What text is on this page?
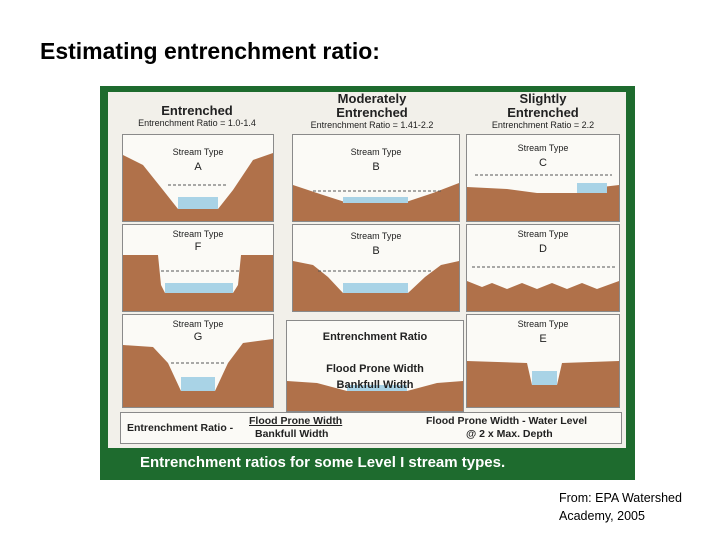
Estimating entrenchment ratio:
Entrenched
Entrenchment Ratio = 1.0-1.4
Moderately
Entrenched
Entrenchment Ratio = 1.41-2.2
Slightly
Entrenched
Entrenchment Ratio = 2.2
Stream Type
A
Stream Type
F
Stream Type
G
Stream Type
B
Stream Type
B
Stream Type
C
Stream Type
D
Stream Type
E
Entrenchment Ratio
Flood Prone Width
Bankfull Width
Entrenchment Ratio -
Flood Prone Width
Bankfull Width
Flood Prone Width - Water Level
@ 2 x Max. Depth
Entrenchment ratios for some Level I stream types.
From: EPA Watershed
Academy, 2005
